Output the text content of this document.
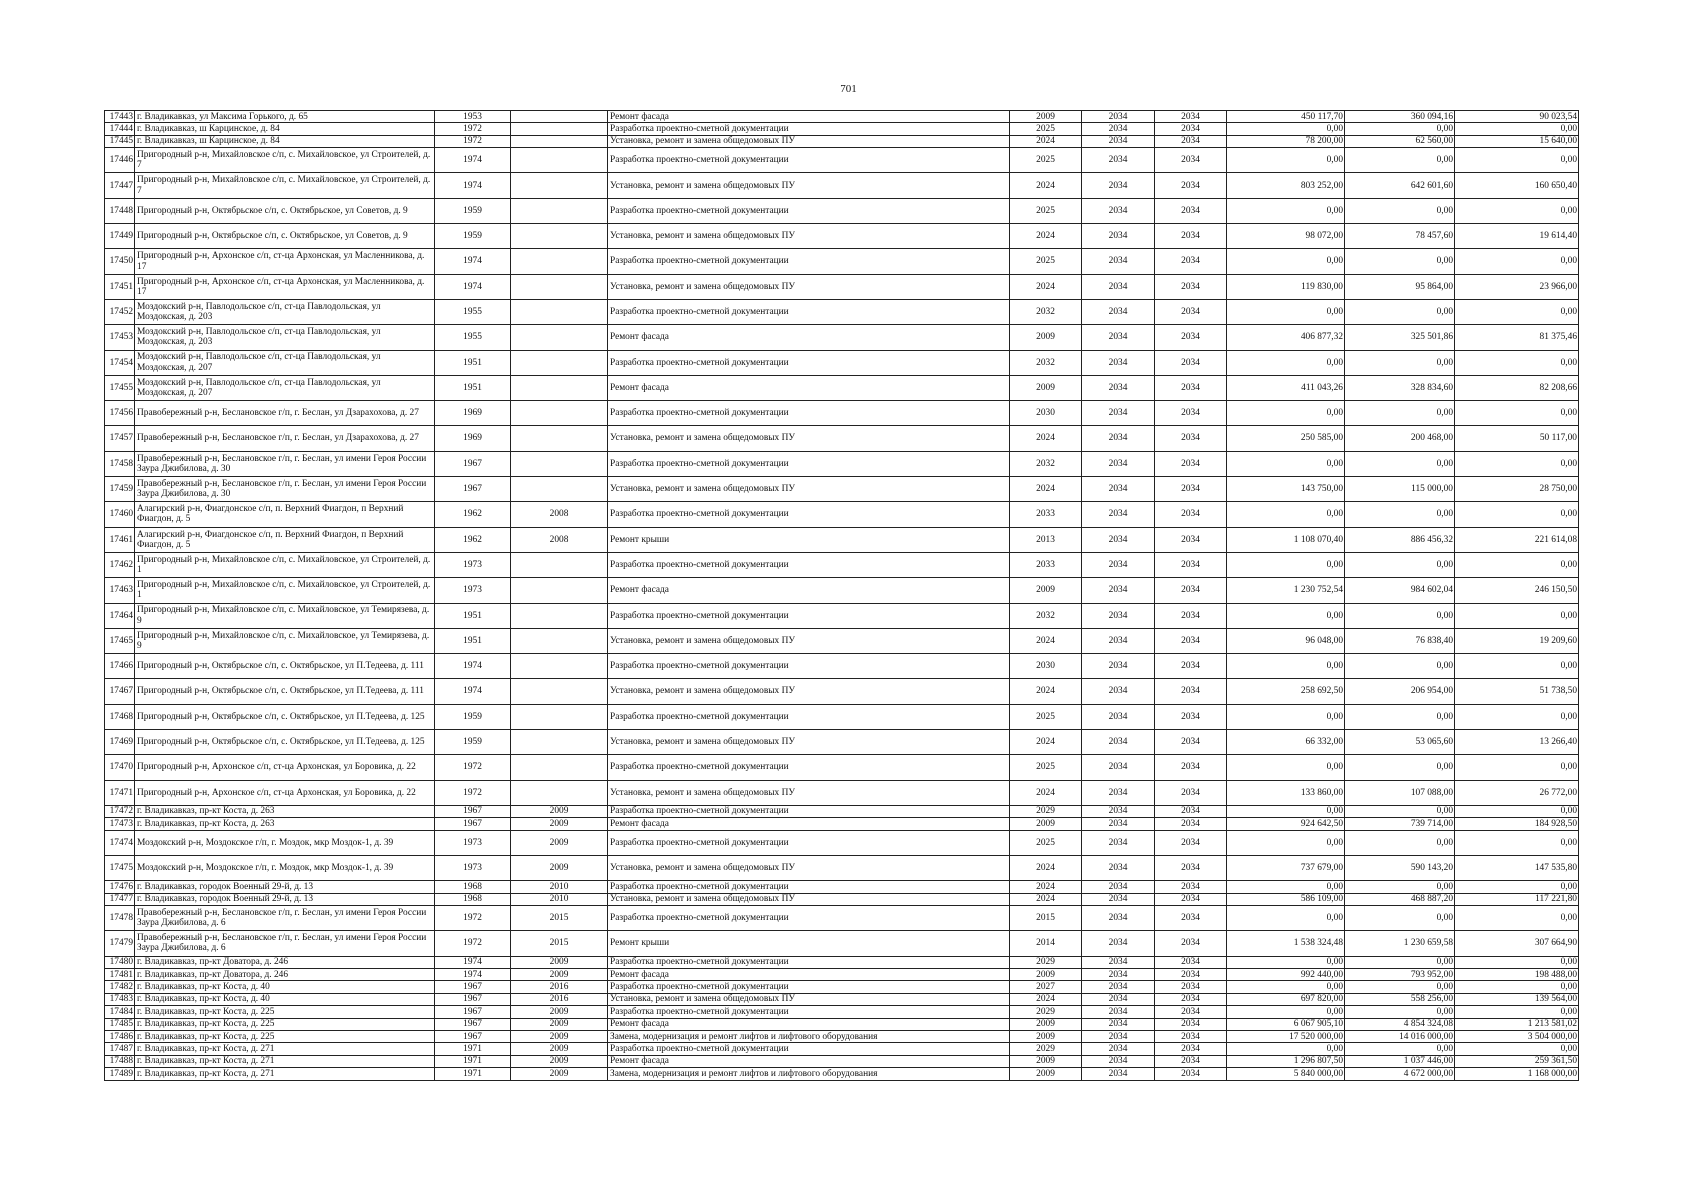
701
17443	г. Владикавказ, ул Максима Горького, д. 65	1953		Ремонт фасада	2009	2034	2034	450 117,70	360 094,16	90 023,54
17444	г. Владикавказ, ш Карцинское, д. 84	1972		Разработка проектно-сметной документации	2025	2034	2034	0,00	0,00	0,00
17445	г. Владикавказ, ш Карцинское, д. 84	1972		Установка, ремонт и замена общедомовых ПУ	2024	2034	2034	78 200,00	62 560,00	15 640,00
17446	Пригородный р-н, Михайловское с/п, с. Михайловское, ул Строителей, д. 7	1974		Разработка проектно-сметной документации	2025	2034	2034	0,00	0,00	0,00
17447	Пригородный р-н, Михайловское с/п, с. Михайловское, ул Строителей, д. 7	1974		Установка, ремонт и замена общедомовых ПУ	2024	2034	2034	803 252,00	642 601,60	160 650,40
17448	Пригородный р-н, Октябрьское с/п, с. Октябрьское, ул Советов, д. 9	1959		Разработка проектно-сметной документации	2025	2034	2034	0,00	0,00	0,00
17449	Пригородный р-н, Октябрьское с/п, с. Октябрьское, ул Советов, д. 9	1959		Установка, ремонт и замена общедомовых ПУ	2024	2034	2034	98 072,00	78 457,60	19 614,40
17450	Пригородный р-н, Архонское с/п, ст-ца Архонская, ул Масленникова, д. 17	1974		Разработка проектно-сметной документации	2025	2034	2034	0,00	0,00	0,00
17451	Пригородный р-н, Архонское с/п, ст-ца Архонская, ул Масленникова, д. 17	1974		Установка, ремонт и замена общедомовых ПУ	2024	2034	2034	119 830,00	95 864,00	23 966,00
17452	Моздокский р-н, Павлодольское с/п, ст-ца Павлодольская, ул Моздокская, д. 203	1955		Разработка проектно-сметной документации	2032	2034	2034	0,00	0,00	0,00
17453	Моздокский р-н, Павлодольское с/п, ст-ца Павлодольская, ул Моздокская, д. 203	1955		Ремонт фасада	2009	2034	2034	406 877,32	325 501,86	81 375,46
17454	Моздокский р-н, Павлодольское с/п, ст-ца Павлодольская, ул Моздокская, д. 207	1951		Разработка проектно-сметной документации	2032	2034	2034	0,00	0,00	0,00
17455	Моздокский р-н, Павлодольское с/п, ст-ца Павлодольская, ул Моздокская, д. 207	1951		Ремонт фасада	2009	2034	2034	411 043,26	328 834,60	82 208,66
17456	Правобережный р-н, Беслановское г/п, г. Беслан, ул Дзарахохова, д. 27	1969		Разработка проектно-сметной документации	2030	2034	2034	0,00	0,00	0,00
17457	Правобережный р-н, Беслановское г/п, г. Беслан, ул Дзарахохова, д. 27	1969		Установка, ремонт и замена общедомовых ПУ	2024	2034	2034	250 585,00	200 468,00	50 117,00
17458	Правобережный р-н, Беслановское г/п, г. Беслан, ул имени Героя России Заура Джибилова, д. 30	1967		Разработка проектно-сметной документации	2032	2034	2034	0,00	0,00	0,00
17459	Правобережный р-н, Беслановское г/п, г. Беслан, ул имени Героя России Заура Джибилова, д. 30	1967		Установка, ремонт и замена общедомовых ПУ	2024	2034	2034	143 750,00	115 000,00	28 750,00
17460	Алагирский р-н, Фиагдонское с/п, п. Верхний Фиагдон, п Верхний Фиагдон, д. 5	1962	2008	Разработка проектно-сметной документации	2033	2034	2034	0,00	0,00	0,00
17461	Алагирский р-н, Фиагдонское с/п, п. Верхний Фиагдон, п Верхний Фиагдон, д. 5	1962	2008	Ремонт крыши	2013	2034	2034	1 108 070,40	886 456,32	221 614,08
17462	Пригородный р-н, Михайловское с/п, с. Михайловское, ул Строителей, д. 1	1973		Разработка проектно-сметной документации	2033	2034	2034	0,00	0,00	0,00
17463	Пригородный р-н, Михайловское с/п, с. Михайловское, ул Строителей, д. 1	1973		Ремонт фасада	2009	2034	2034	1 230 752,54	984 602,04	246 150,50
17464	Пригородный р-н, Михайловское с/п, с. Михайловское, ул Темирязева, д. 9	1951		Разработка проектно-сметной документации	2032	2034	2034	0,00	0,00	0,00
17465	Пригородный р-н, Михайловское с/п, с. Михайловское, ул Темирязева, д. 9	1951		Установка, ремонт и замена общедомовых ПУ	2024	2034	2034	96 048,00	76 838,40	19 209,60
17466	Пригородный р-н, Октябрьское с/п, с. Октябрьское, ул П.Тедеева, д. 111	1974		Разработка проектно-сметной документации	2030	2034	2034	0,00	0,00	0,00
17467	Пригородный р-н, Октябрьское с/п, с. Октябрьское, ул П.Тедеева, д. 111	1974		Установка, ремонт и замена общедомовых ПУ	2024	2034	2034	258 692,50	206 954,00	51 738,50
17468	Пригородный р-н, Октябрьское с/п, с. Октябрьское, ул П.Тедеева, д. 125	1959		Разработка проектно-сметной документации	2025	2034	2034	0,00	0,00	0,00
17469	Пригородный р-н, Октябрьское с/п, с. Октябрьское, ул П.Тедеева, д. 125	1959		Установка, ремонт и замена общедомовых ПУ	2024	2034	2034	66 332,00	53 065,60	13 266,40
17470	Пригородный р-н, Архонское с/п, ст-ца Архонская, ул Боровика, д. 22	1972		Разработка проектно-сметной документации	2025	2034	2034	0,00	0,00	0,00
17471	Пригородный р-н, Архонское с/п, ст-ца Архонская, ул Боровика, д. 22	1972		Установка, ремонт и замена общедомовых ПУ	2024	2034	2034	133 860,00	107 088,00	26 772,00
17472	г. Владикавказ, пр-кт Коста, д. 263	1967	2009	Разработка проектно-сметной документации	2029	2034	2034	0,00	0,00	0,00
17473	г. Владикавказ, пр-кт Коста, д. 263	1967	2009	Ремонт фасада	2009	2034	2034	924 642,50	739 714,00	184 928,50
17474	Моздокский р-н, Моздокское г/п, г. Моздок, мкр Моздок-1, д. 39	1973	2009	Разработка проектно-сметной документации	2025	2034	2034	0,00	0,00	0,00
17475	Моздокский р-н, Моздокское г/п, г. Моздок, мкр Моздок-1, д. 39	1973	2009	Установка, ремонт и замена общедомовых ПУ	2024	2034	2034	737 679,00	590 143,20	147 535,80
17476	г. Владикавказ, городок Военный 29-й, д. 13	1968	2010	Разработка проектно-сметной документации	2024	2034	2034	0,00	0,00	0,00
17477	г. Владикавказ, городок Военный 29-й, д. 13	1968	2010	Установка, ремонт и замена общедомовых ПУ	2024	2034	2034	586 109,00	468 887,20	117 221,80
17478	Правобережный р-н, Беслановское г/п, г. Беслан, ул имени Героя России Заура Джибилова, д. 6	1972	2015	Разработка проектно-сметной документации	2015	2034	2034	0,00	0,00	0,00
17479	Правобережный р-н, Беслановское г/п, г. Беслан, ул имени Героя России Заура Джибилова, д. 6	1972	2015	Ремонт крыши	2014	2034	2034	1 538 324,48	1 230 659,58	307 664,90
17480	г. Владикавказ, пр-кт Доватора, д. 246	1974	2009	Разработка проектно-сметной документации	2029	2034	2034	0,00	0,00	0,00
17481	г. Владикавказ, пр-кт Доватора, д. 246	1974	2009	Ремонт фасада	2009	2034	2034	992 440,00	793 952,00	198 488,00
17482	г. Владикавказ, пр-кт Коста, д. 40	1967	2016	Разработка проектно-сметной документации	2027	2034	2034	0,00	0,00	0,00
17483	г. Владикавказ, пр-кт Коста, д. 40	1967	2016	Установка, ремонт и замена общедомовых ПУ	2024	2034	2034	697 820,00	558 256,00	139 564,00
17484	г. Владикавказ, пр-кт Коста, д. 225	1967	2009	Разработка проектно-сметной документации	2029	2034	2034	0,00	0,00	0,00
17485	г. Владикавказ, пр-кт Коста, д. 225	1967	2009	Ремонт фасада	2009	2034	2034	6 067 905,10	4 854 324,08	1 213 581,02
17486	г. Владикавказ, пр-кт Коста, д. 225	1967	2009	Замена, модернизация и ремонт лифтов и лифтового оборудования	2009	2034	2034	17 520 000,00	14 016 000,00	3 504 000,00
17487	г. Владикавказ, пр-кт Коста, д. 271	1971	2009	Разработка проектно-сметной документации	2029	2034	2034	0,00	0,00	0,00
17488	г. Владикавказ, пр-кт Коста, д. 271	1971	2009	Ремонт фасада	2009	2034	2034	1 296 807,50	1 037 446,00	259 361,50
17489	г. Владикавказ, пр-кт Коста, д. 271	1971	2009	Замена, модернизация и ремонт лифтов и лифтового оборудования	2009	2034	2034	5 840 000,00	4 672 000,00	1 168 000,00
